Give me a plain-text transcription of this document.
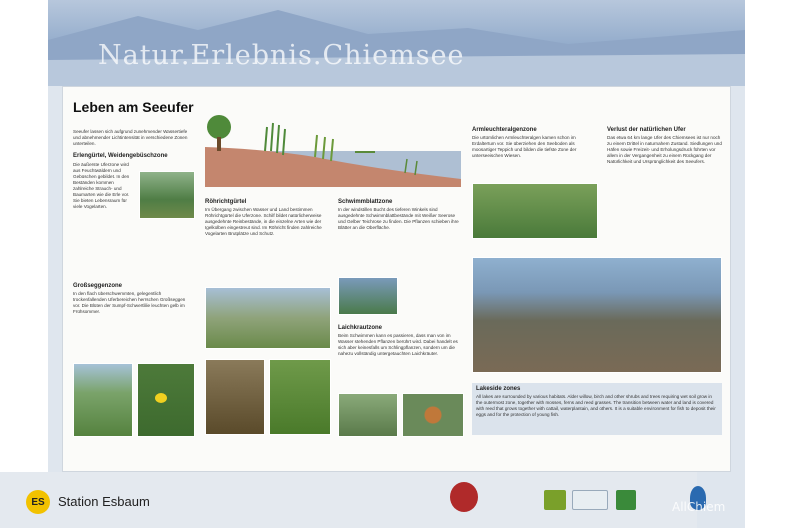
Natur.Erlebnis.Chiemsee
Leben am Seeufer
Seeufer lassen sich aufgrund zunehmender Wassertiefe und abnehmender Lichtintensität in verschiedene Zonen unterteilen.
Erlengürtel, Weidengebüschzone
Die äußerste Uferzone wird aus Feuchtwäldern und Gebüschen gebildet. In den Beständen kommen zahlreiche Strauch- und Baumarten wie die Erle vor. Sie bieten Lebensraum für viele Vogelarten.
Großseggenzone
In den flach überschwemmten, gelegentlich trockenfallenden Uferbereichen herrschen Großseggen vor. Die Blüten der Sumpf-Schwertlilie leuchten gelb im Frühsommer.
Röhrichtgürtel
Im Übergang zwischen Wasser und Land bestimmen Röhrichtgürtel die Uferzone. Schilf bildet natürlicherweise ausgedehnte Reinbestände, in die einzelne Arten wie der Igelkolben eingestreut sind. Im Röhricht finden zahlreiche Vogelarten Brutplätze und Schutz.
Schwimmblattzone
In der windstillen Bucht des tieferen Winkels sind ausgedehnte Schwimmblattbestände mit Weißer Seerose und Gelber Teichrose zu finden. Die Pflanzen schieben ihre Blätter an die Oberfläche.
Laichkrautzone
Beim Schwimmen kann es passieren, dass man von im Wasser stehenden Pflanzen berührt wird. Dabei handelt es sich aber keinesfalls um Schlingpflanzen, sondern um die nahezu vollständig untergetauchten Laichkräuter.
Armleuchteralgenzone
Die urtümlichen Armleuchteralgen kamen schon im Erdaltertum vor. Sie überziehen den Seeboden als moosartiger Teppich und bilden die tiefste Zone der unterseeischen Wiesen.
Verlust der natürlichen Ufer
Das etwa 64 km lange Ufer des Chiemsees ist nur noch zu einem Drittel in naturnahem Zustand. Siedlungen und Häfen sowie Freizeit- und Erholungsdruck führten vor allem in der Vergangenheit zu einem Rückgang der Natürlichkeit und Ursprünglichkeit des Seeufers.
Lakeside zones
All lakes are surrounded by various habitats. Alder willow, birch and other shrubs and trees requiring wet soil grow in the outermost zone, together with mosses, ferns and reed grasses. The transition between water and land is covered with reed that grows together with cattail, waterplantain, and others. It is a suitable environment for fish to deposit their eggs and for the protection of young fish.
ES	Station Esbaum	AllChiem
